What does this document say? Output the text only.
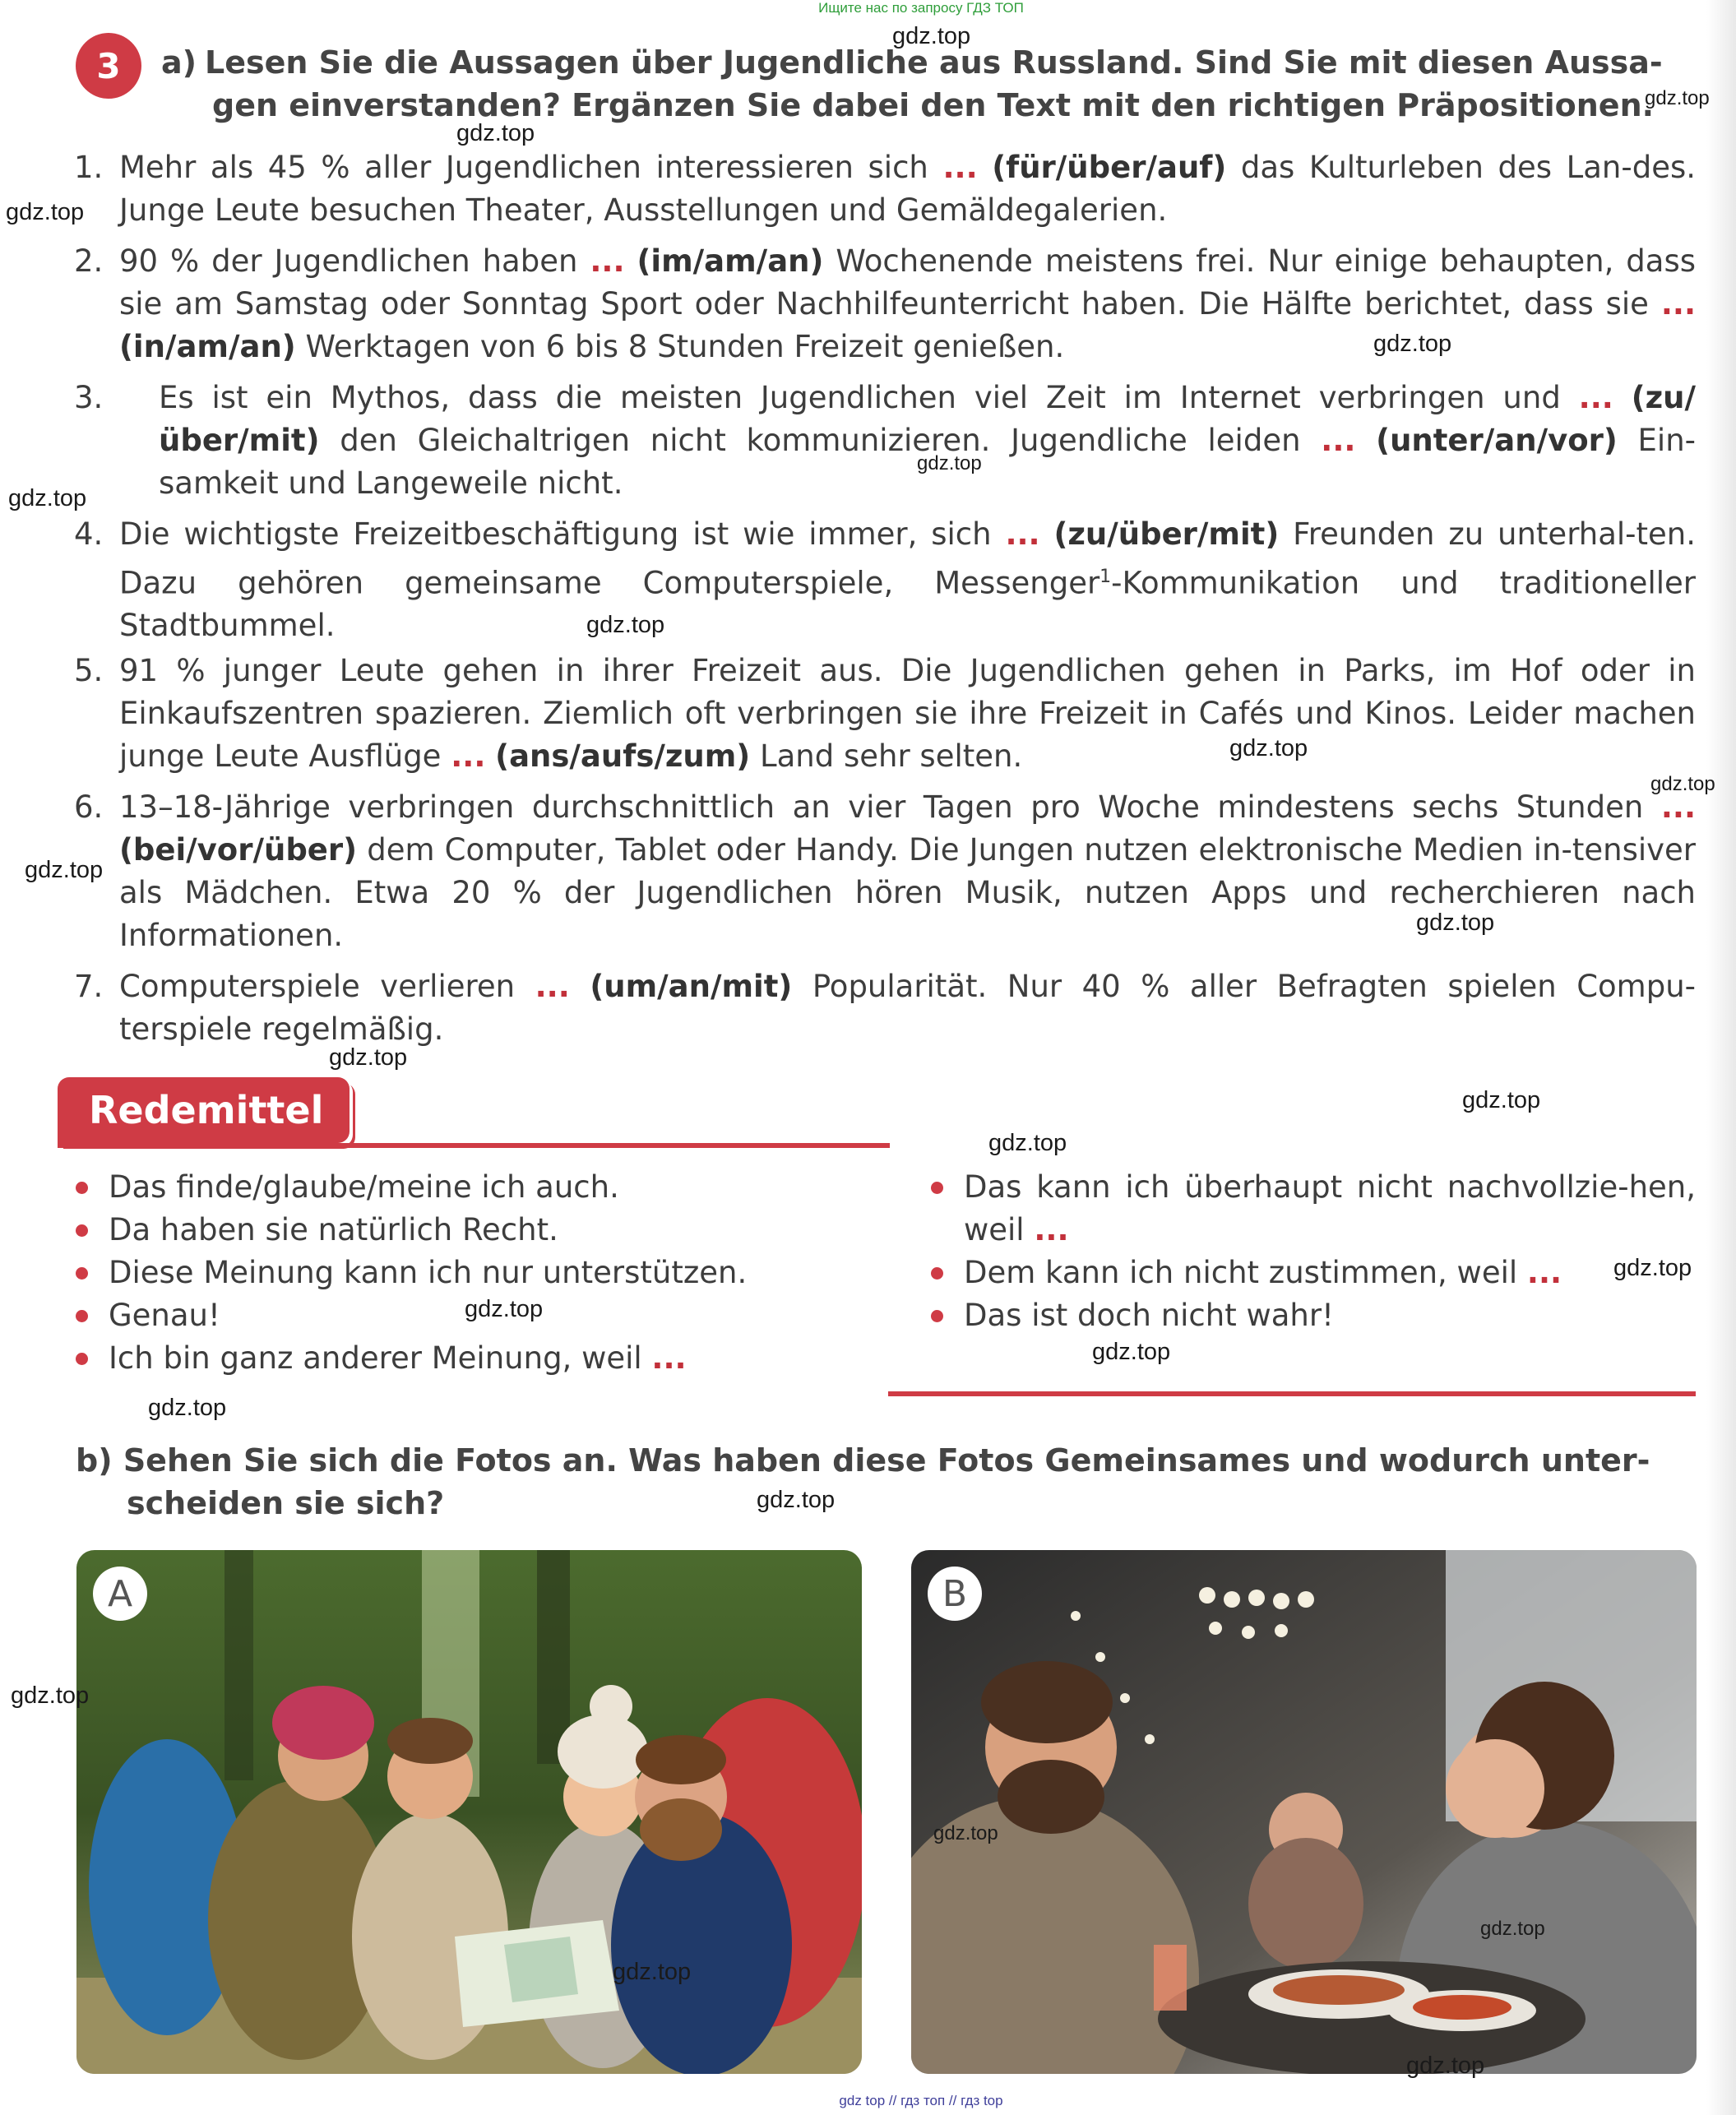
Ищите нас по запросу ГДЗ ТОП
3	a) Lesen Sie die Aussagen über Jugendliche aus Russland. Sind Sie mit diesen Aussa-
gen einverstanden? Ergänzen Sie dabei den Text mit den richtigen Präpositionen.
1. Mehr als 45 % aller Jugendlichen interessieren sich ... (für/über/auf) das Kulturleben des Lan-des. Junge Leute besuchen Theater, Ausstellungen und Gemäldegalerien.
2. 90 % der Jugendlichen haben ... (im/am/an) Wochenende meistens frei. Nur einige behaupten, dass sie am Samstag oder Sonntag Sport oder Nachhilfeunterricht haben. Die Hälfte berichtet, dass sie ... (in/am/an) Werktagen von 6 bis 8 Stunden Freizeit genießen.
3.	Es ist ein Mythos, dass die meisten Jugendlichen viel Zeit im Internet verbringen und ... (zu/über/mit) den Gleichaltrigen nicht kommunizieren. Jugendliche leiden ... (unter/an/vor) Ein-samkeit und Langeweile nicht.
4. Die wichtigste Freizeitbeschäftigung ist wie immer, sich ... (zu/über/mit) Freunden zu unterhal-ten. Dazu gehören gemeinsame Computerspiele, Messenger$^1$-Kommunikation und traditioneller Stadtbummel.
5. 91 % junger Leute gehen in ihrer Freizeit aus. Die Jugendlichen gehen in Parks, im Hof oder in Einkaufszentren spazieren. Ziemlich oft verbringen sie ihre Freizeit in Cafés und Kinos. Leider machen junge Leute Ausflüge ... (ans/aufs/zum) Land sehr selten.
6. 13–18-Jährige verbringen durchschnittlich an vier Tagen pro Woche mindestens sechs Stunden ... (bei/vor/über) dem Computer, Tablet oder Handy. Die Jungen nutzen elektronische Medien in-tensiver als Mädchen. Etwa 20 % der Jugendlichen hören Musik, nutzen Apps und recherchieren nach Informationen.
7. Computerspiele verlieren ... (um/an/mit) Popularität. Nur 40 % aller Befragten spielen Compu-terspiele regelmäßig.
Redemittel
Das finde/glaube/meine ich auch.
Da haben sie natürlich Recht.
Diese Meinung kann ich nur unterstützen.
Genau!
Ich bin ganz anderer Meinung, weil ...
Das kann ich überhaupt nicht nachvollzie-hen, weil ...
Dem kann ich nicht zustimmen, weil ...
Das ist doch nicht wahr!
b) Sehen Sie sich die Fotos an. Was haben diese Fotos Gemeinsames und wodurch unter-
scheiden sie sich?
A	B
gdz.top
gdz.top
gdz.top
gdz.top
gdz.top
gdz.top
gdz.top
gdz.top
gdz.top
gdz.top
gdz.top
gdz.top
gdz.top
gdz.top
gdz.top
gdz.top
gdz.top
gdz.top
gdz.top
gdz.top
gdz.top
gdz.top
gdz.top
gdz.top
gdz.top
gdz top // гдз топ // гдз top
